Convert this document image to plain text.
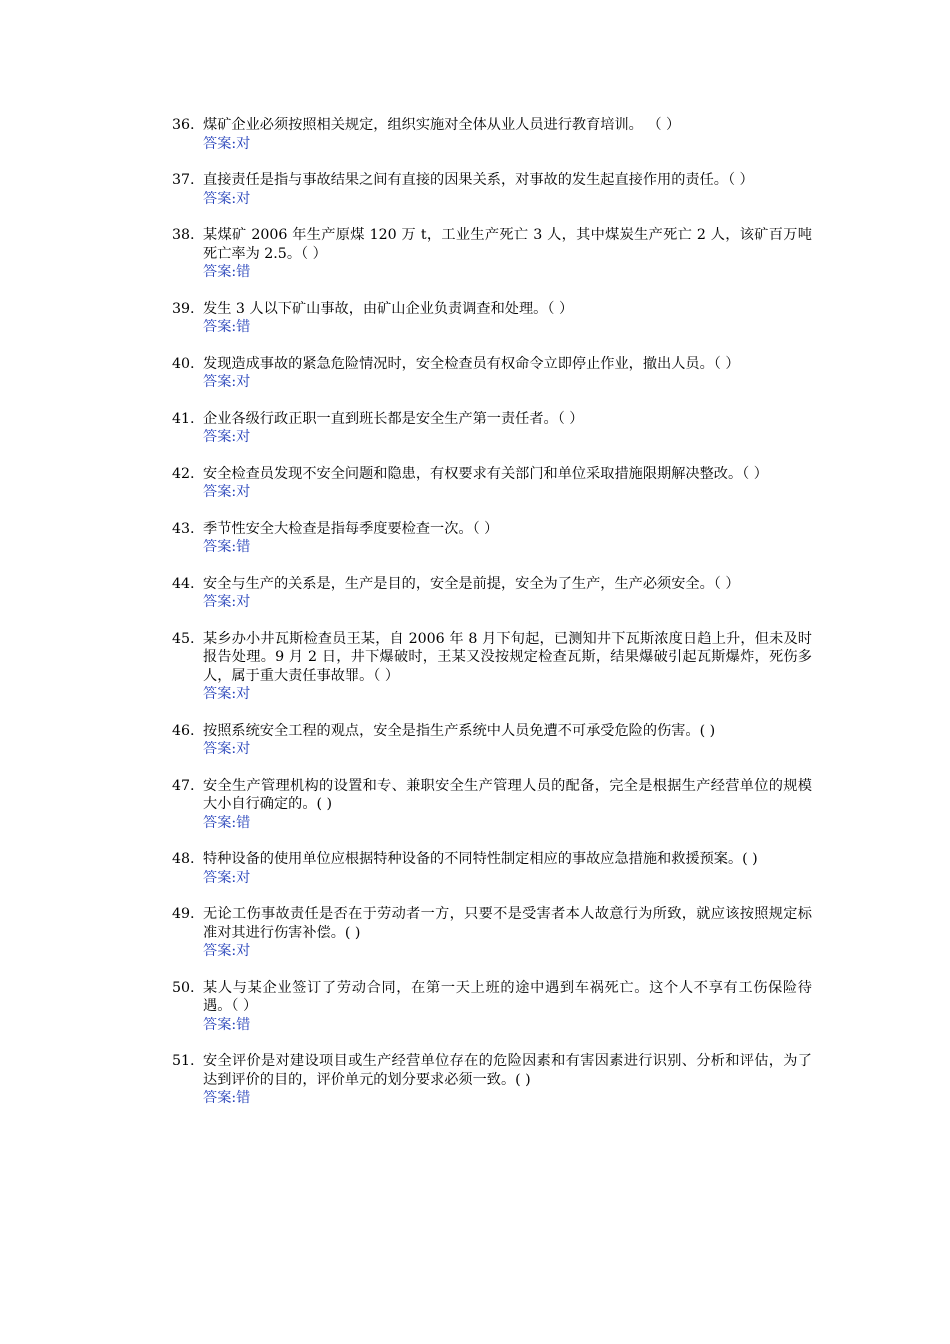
36. 煤矿企业必须按照相关规定，组织实施对全体从业人员进行教育培训。 （ ）
答案:对
37. 直接责任是指与事故结果之间有直接的因果关系，对事故的发生起直接作用的责任。（ ）
答案:对
38. 某煤矿 2006 年生产原煤 120 万 t，工业生产死亡 3 人，其中煤炭生产死亡 2 人，该矿百万吨死亡率为 2.5。（ ）
答案:错
39. 发生 3 人以下矿山事故，由矿山企业负责调查和处理。（ ）
答案:错
40. 发现造成事故的紧急危险情况时，安全检查员有权命令立即停止作业，撤出人员。（ ）
答案:对
41. 企业各级行政正职一直到班长都是安全生产第一责任者。（ ）
答案:对
42. 安全检查员发现不安全问题和隐患，有权要求有关部门和单位采取措施限期解决整改。（ ）
答案:对
43. 季节性安全大检查是指每季度要检查一次。（ ）
答案:错
44. 安全与生产的关系是，生产是目的，安全是前提，安全为了生产，生产必须安全。（ ）
答案:对
45. 某乡办小井瓦斯检查员王某，自 2006 年 8 月下旬起，已测知井下瓦斯浓度日趋上升，但未及时报告处理。9 月 2 日，井下爆破时，王某又没按规定检查瓦斯，结果爆破引起瓦斯爆炸，死伤多人，属于重大责任事故罪。（ ）
答案:对
46. 按照系统安全工程的观点，安全是指生产系统中人员免遭不可承受危险的伤害。( )
答案:对
47. 安全生产管理机构的设置和专、兼职安全生产管理人员的配备，完全是根据生产经营单位的规模大小自行确定的。( )
答案:错
48. 特种设备的使用单位应根据特种设备的不同特性制定相应的事故应急措施和救援预案。( )
答案:对
49. 无论工伤事故责任是否在于劳动者一方，只要不是受害者本人故意行为所致，就应该按照规定标准对其进行伤害补偿。( )
答案:对
50. 某人与某企业签订了劳动合同，在第一天上班的途中遇到车祸死亡。这个人不享有工伤保险待遇。（ ）
答案:错
51. 安全评价是对建设项目或生产经营单位存在的危险因素和有害因素进行识别、分析和评估，为了达到评价的目的，评价单元的划分要求必须一致。( )
答案:错
